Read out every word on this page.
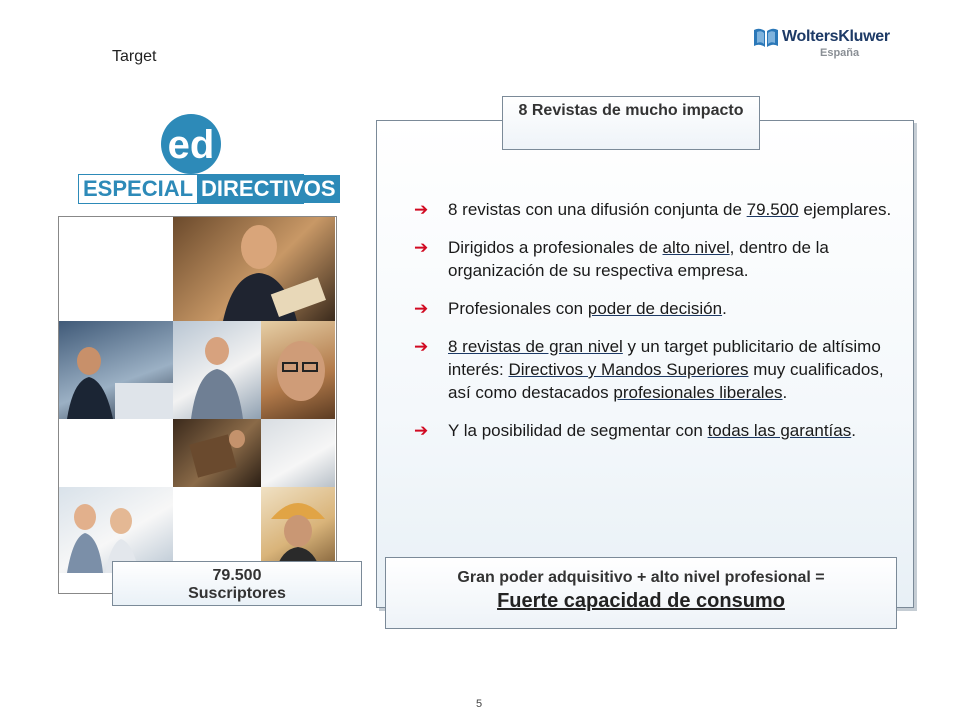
Target
WoltersKluwer
España
ed
ESPECIAL DIRECTIVOS
79.500
Suscriptores
8 Revistas de mucho impacto
➔ 8 revistas con una difusión conjunta de 79.500 ejemplares.
➔ Dirigidos a profesionales de alto nivel, dentro de la organización de su respectiva empresa.
➔ Profesionales con poder de decisión.
➔ 8 revistas de gran nivel y un target publicitario de altísimo interés: Directivos y Mandos Superiores muy cualificados, así como destacados profesionales liberales.
➔ Y la posibilidad de segmentar con todas las garantías.
Gran poder adquisitivo + alto nivel profesional =
Fuerte capacidad de consumo
5
